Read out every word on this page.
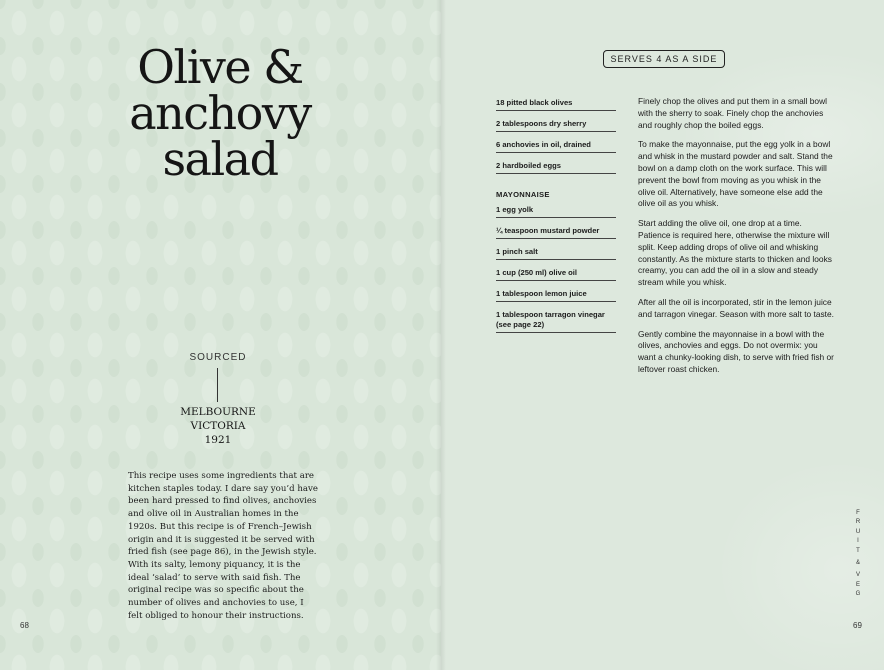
Olive &
anchovy
salad
SOURCED
MELBOURNE
VICTORIA
1921

This recipe uses some ingredients that are kitchen staples today. I dare say you’d have been hard pressed to find olives, anchovies and olive oil in Australian homes in the 1920s. But this recipe is of French–Jewish origin and it is suggested it be served with fried fish (see page 86), in the Jewish style. With its salty, lemony piquancy, it is the ideal ‘salad’ to serve with said fish. The original recipe was so specific about the number of olives and anchovies to use, I felt obliged to honour their instructions.

68
SERVES 4 AS A SIDE
18 pitted black olives
2 tablespoons dry sherry
6 anchovies in oil, drained
2 hardboiled eggs
MAYONNAISE
1 egg yolk
¼ teaspoon mustard powder
1 pinch salt
1 cup (250 ml) olive oil
1 tablespoon lemon juice
1 tablespoon tarragon vinegar (see page 22)

Finely chop the olives and put them in a small bowl with the sherry to soak. Finely chop the anchovies and roughly chop the boiled eggs.

To make the mayonnaise, put the egg yolk in a bowl and whisk in the mustard powder and salt. Stand the bowl on a damp cloth on the work surface. This will prevent the bowl from moving as you whisk in the olive oil. Alternatively, have someone else add the olive oil as you whisk.

Start adding the olive oil, one drop at a time. Patience is required here, otherwise the mixture will split. Keep adding drops of olive oil and whisking constantly. As the mixture starts to thicken and looks creamy, you can add the oil in a slow and steady stream while you whisk.

After all the oil is incorporated, stir in the lemon juice and tarragon vinegar. Season with more salt to taste.

Gently combine the mayonnaise in a bowl with the olives, anchovies and eggs. Do not overmix: you want a chunky-looking dish, to serve with fried fish or leftover roast chicken.

F
R
U
I
T
&
V
E
G
69
